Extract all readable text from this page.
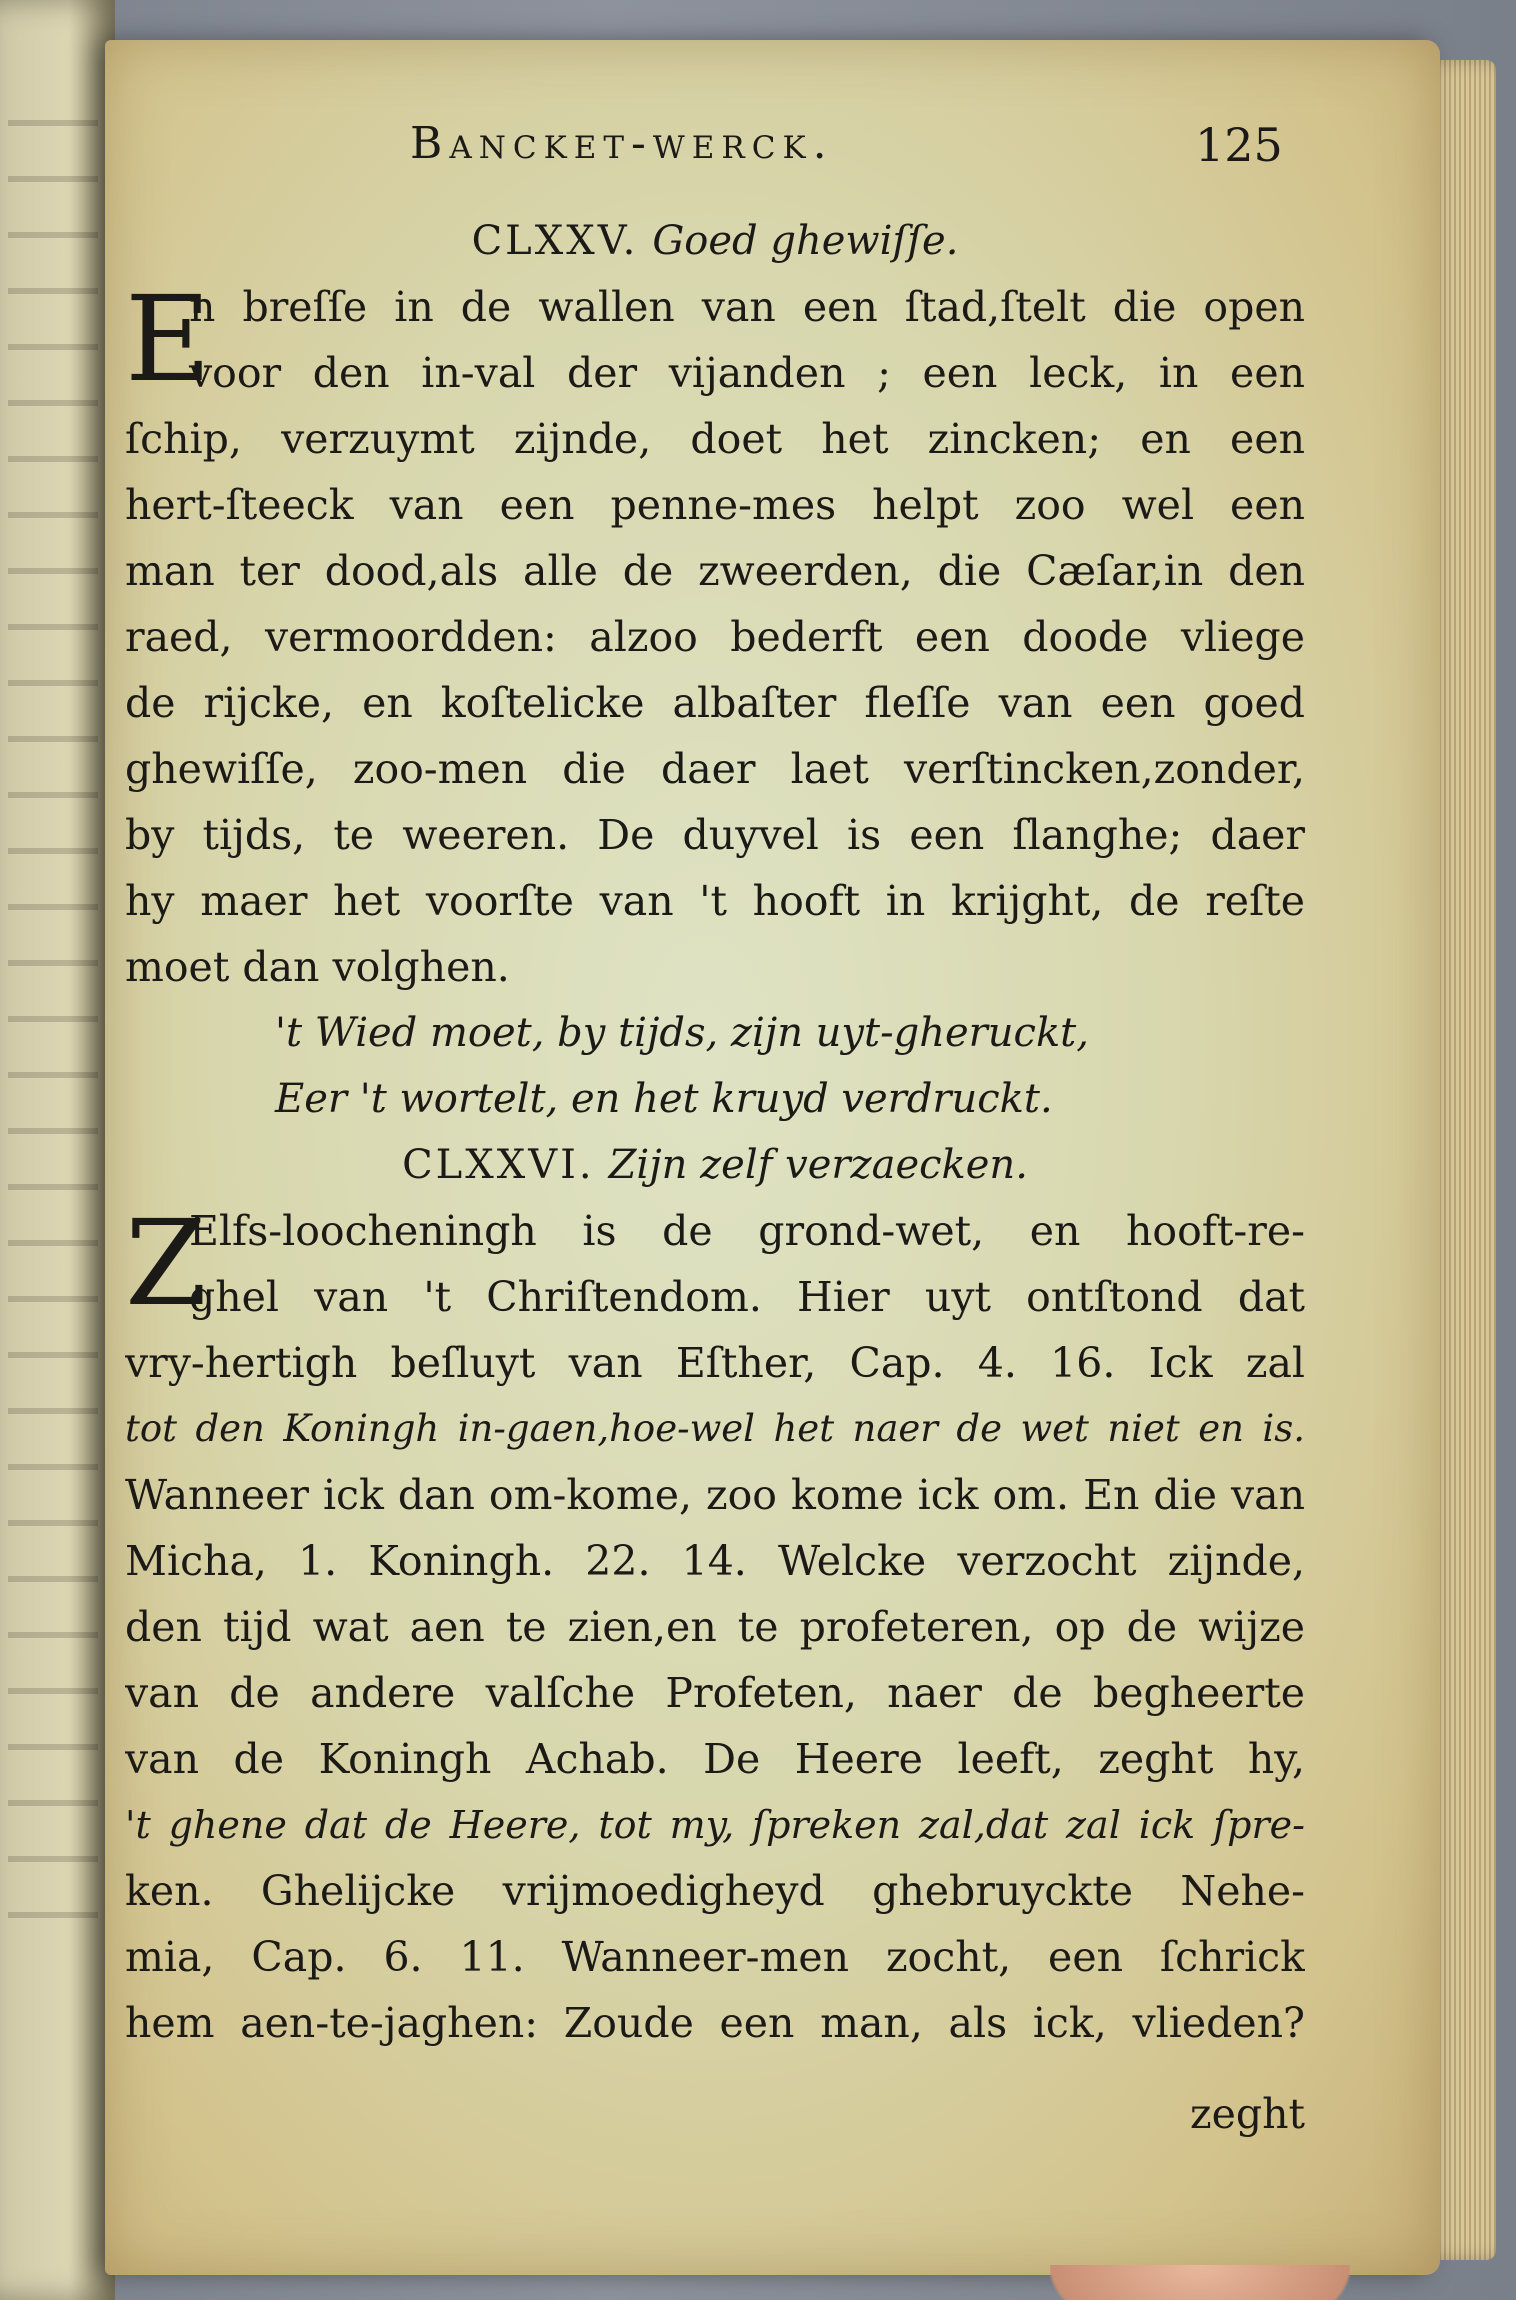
Banckeт-werck.	125
CLXXV. Goed ghewiſſe.
E
n breſſe in de wallen van een ſtad,ſtelt die open
voor den in-val der vijanden ; een leck, in een
ſchip, verzuymt zijnde, doet het zincken; en een
hert-ſteeck van een penne-mes helpt zoo wel een
man ter dood,als alle de zweerden, die Cæſar,in den
raed, vermoordden: alzoo bederft een doode vliege
de rijcke, en koſtelicke albaſter fleſſe van een goed
ghewiſſe, zoo-men die daer laet verſtincken,zonder,
by tijds, te weeren. De duyvel is een ſlanghe; daer
hy maer het voorſte van 't hooft in krijght, de reſte
moet dan volghen.
't Wied moet, by tijds, zijn uyt-gheruckt,
Eer 't wortelt, en het kruyd verdruckt.
CLXXVI. Zijn zelf verzaecken.
Z
Elfs-loocheningh is de grond-wet, en hooft-re-
ghel van 't Chriſtendom. Hier uyt ontſtond dat
vry-hertigh beſluyt van Eſther, Cap. 4. 16. Ick zal
tot den Koningh in-gaen,hoe-wel het naer de wet niet en is.
Wanneer ick dan om-kome, zoo kome ick om. En die van
Micha, 1. Koningh. 22. 14. Welcke verzocht zijnde,
den tijd wat aen te zien,en te profeteren, op de wijze
van de andere valſche Profeten, naer de begheerte
van de Koningh Achab. De Heere leeft, zeght hy,
't ghene dat de Heere, tot my, ſpreken zal,dat zal ick ſpre-
ken. Ghelijcke vrijmoedigheyd ghebruyckte Nehe-
mia, Cap. 6. 11. Wanneer-men zocht, een ſchrick
hem aen-te-jaghen: Zoude een man, als ick, vlieden?
zeght
